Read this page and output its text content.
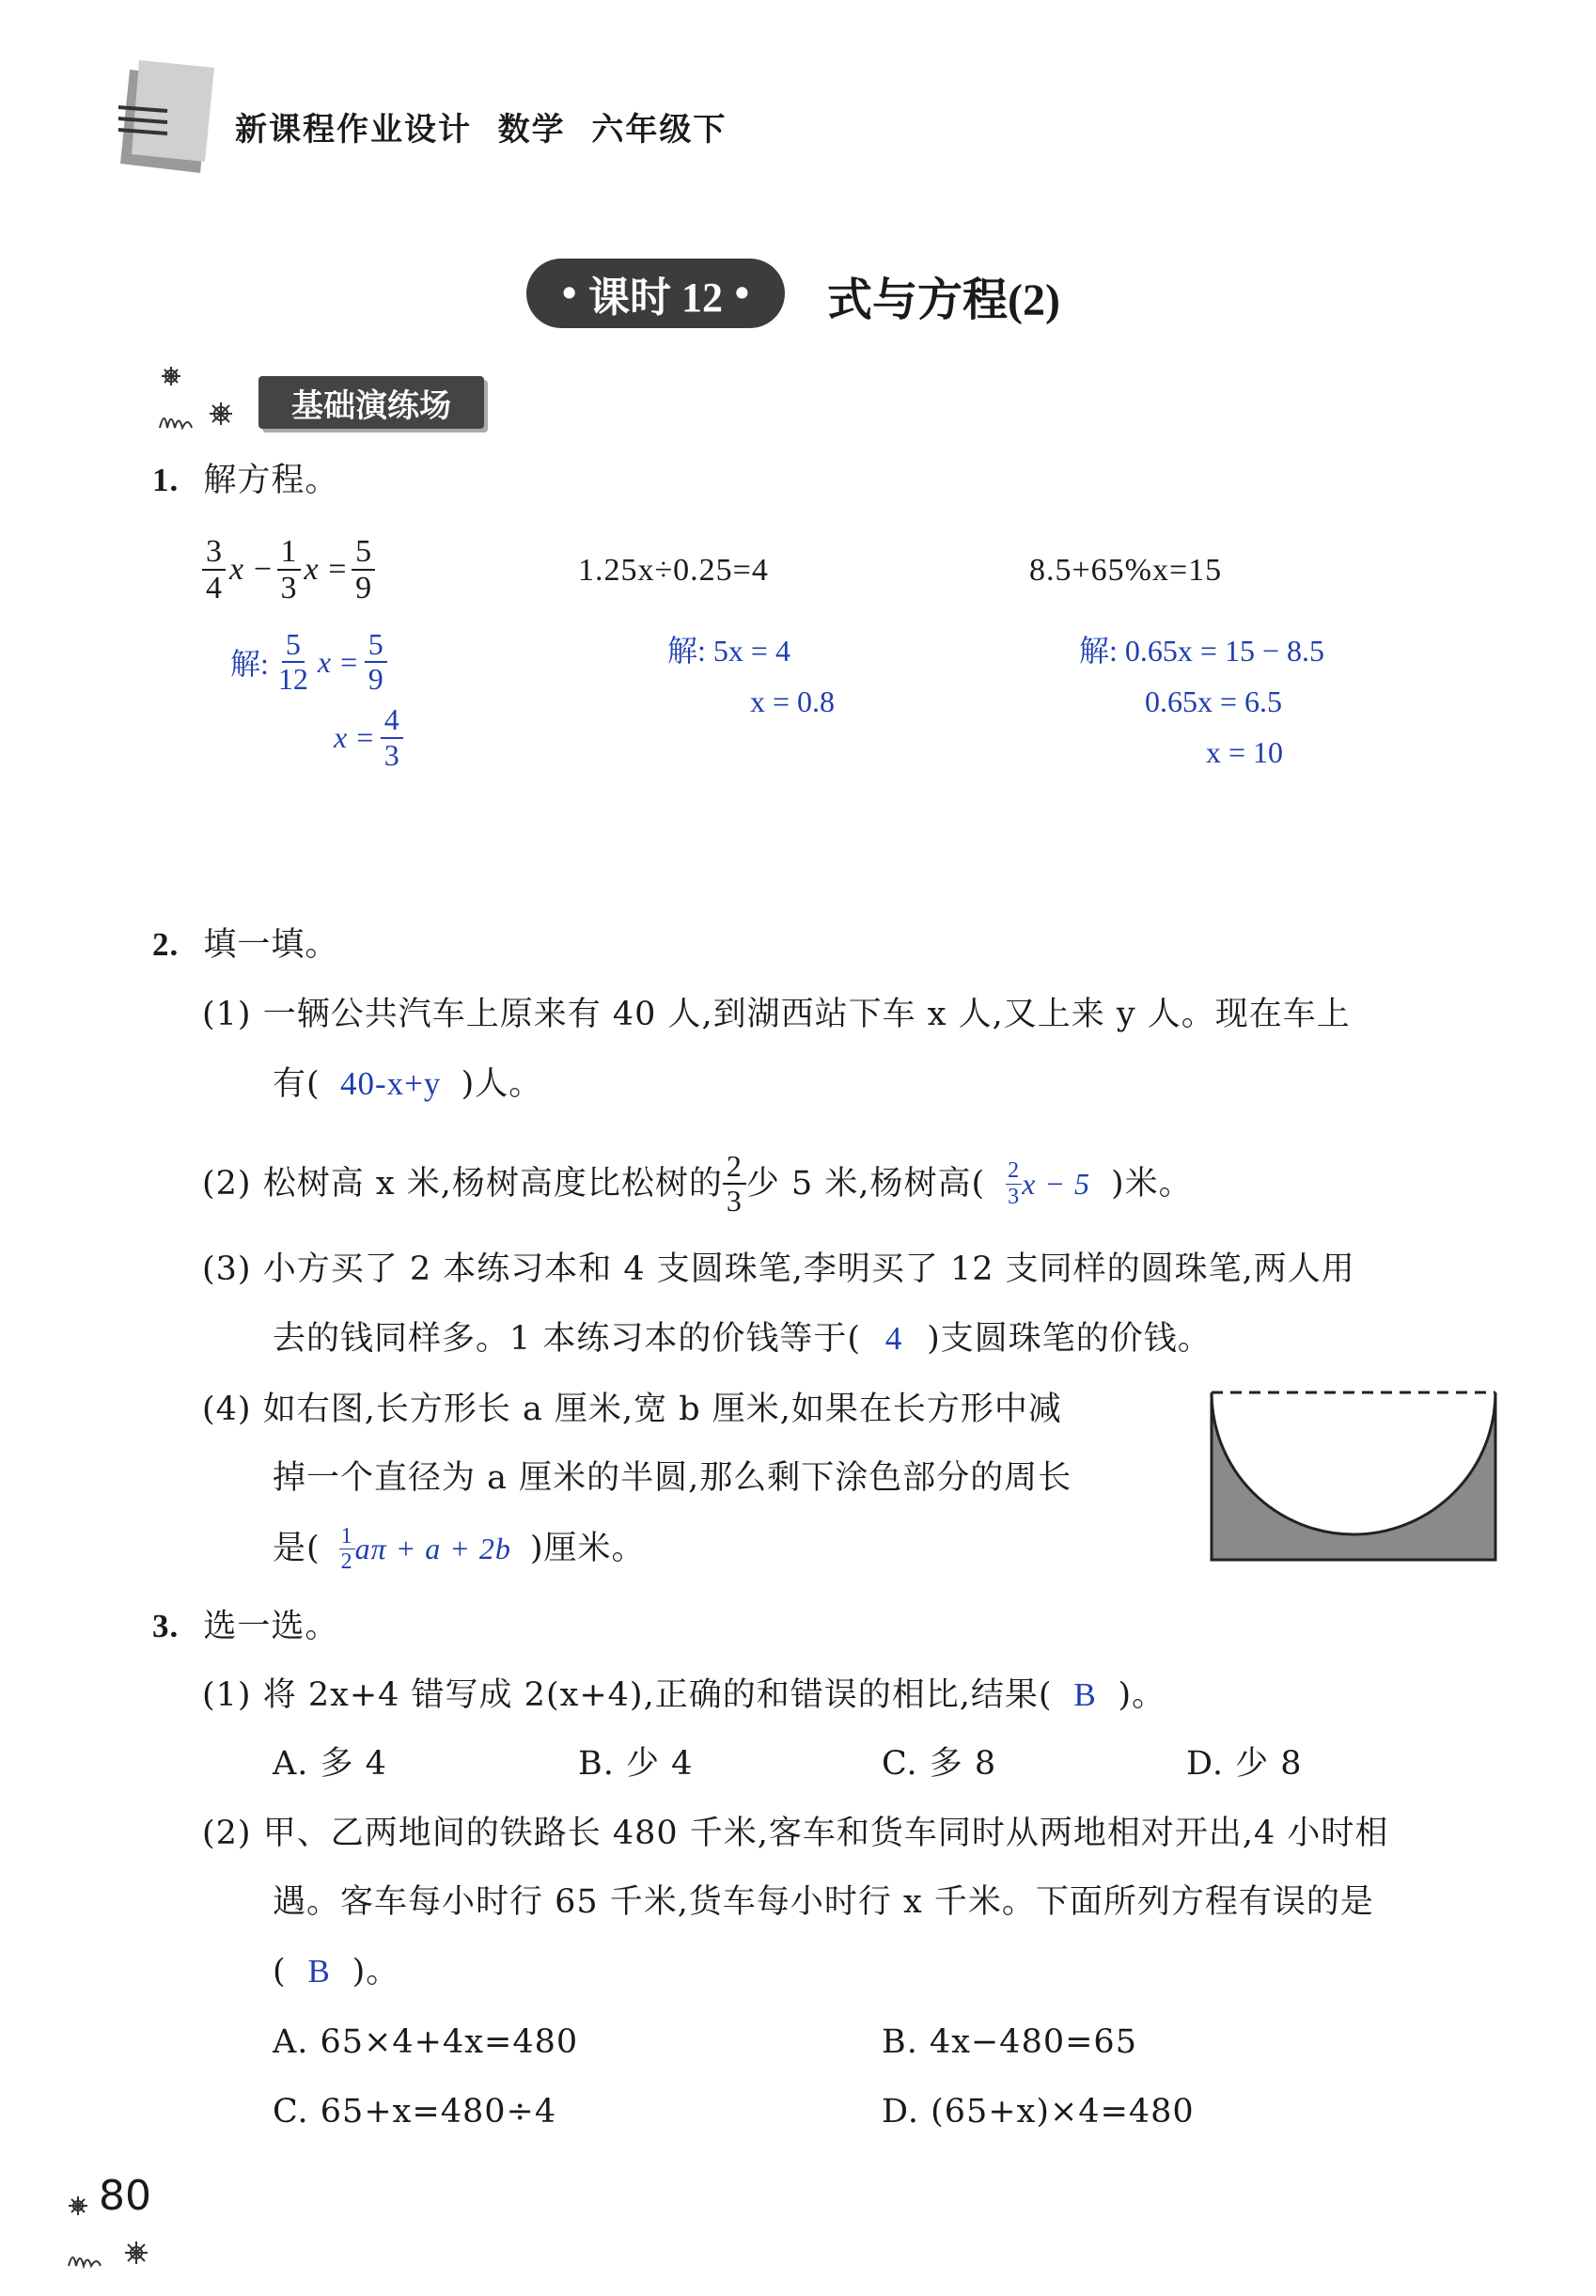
新课程作业设计  数学  六年级下
• 课时 12 • 式与方程(2)
基础演练场
1. 解方程。
$\frac{3}{4}$ $x - \frac{1}{3}$ $x = \frac{5}{9}$
解: $\frac{5}{12}$ $x = \frac{5}{9}$
$x = \frac{4}{3}$
1.25x÷0.25=4
解: 5x = 4
x = 0.8
8.5+65%x=15
解: 0.65x = 15 − 8.5
0.65x = 6.5
x = 10
2. 填一填。
(1) 一辆公共汽车上原来有 40 人,到湖西站下车 x 人,又上来 y 人。现在车上
有( 40-x+y )人。
(2) 松树高 x 米,杨树高度比松树的 $\frac{2}{3}$ 少 5 米,杨树高( $\frac{2}{3}$ x − 5 )米。
(3) 小方买了 2 本练习本和 4 支圆珠笔,李明买了 12 支同样的圆珠笔,两人用
去的钱同样多。1 本练习本的价钱等于( 4 )支圆珠笔的价钱。
(4) 如右图,长方形长 a 厘米,宽 b 厘米,如果在长方形中减
掉一个直径为 a 厘米的半圆,那么剩下涂色部分的周长
是( $\frac{1}{2}$ aπ + a + 2b )厘米。
3. 选一选。
(1) 将 2x+4 错写成 2(x+4),正确的和错误的相比,结果( B )。
A. 多 4	B. 少 4	C. 多 8	D. 少 8
(2) 甲、乙两地间的铁路长 480 千米,客车和货车同时从两地相对开出,4 小时相
遇。客车每小时行 65 千米,货车每小时行 x 千米。下面所列方程有误的是
( B )。
A. 65×4+4x=480	B. 4x−480=65
C. 65+x=480÷4	D. (65+x)×4=480
80
